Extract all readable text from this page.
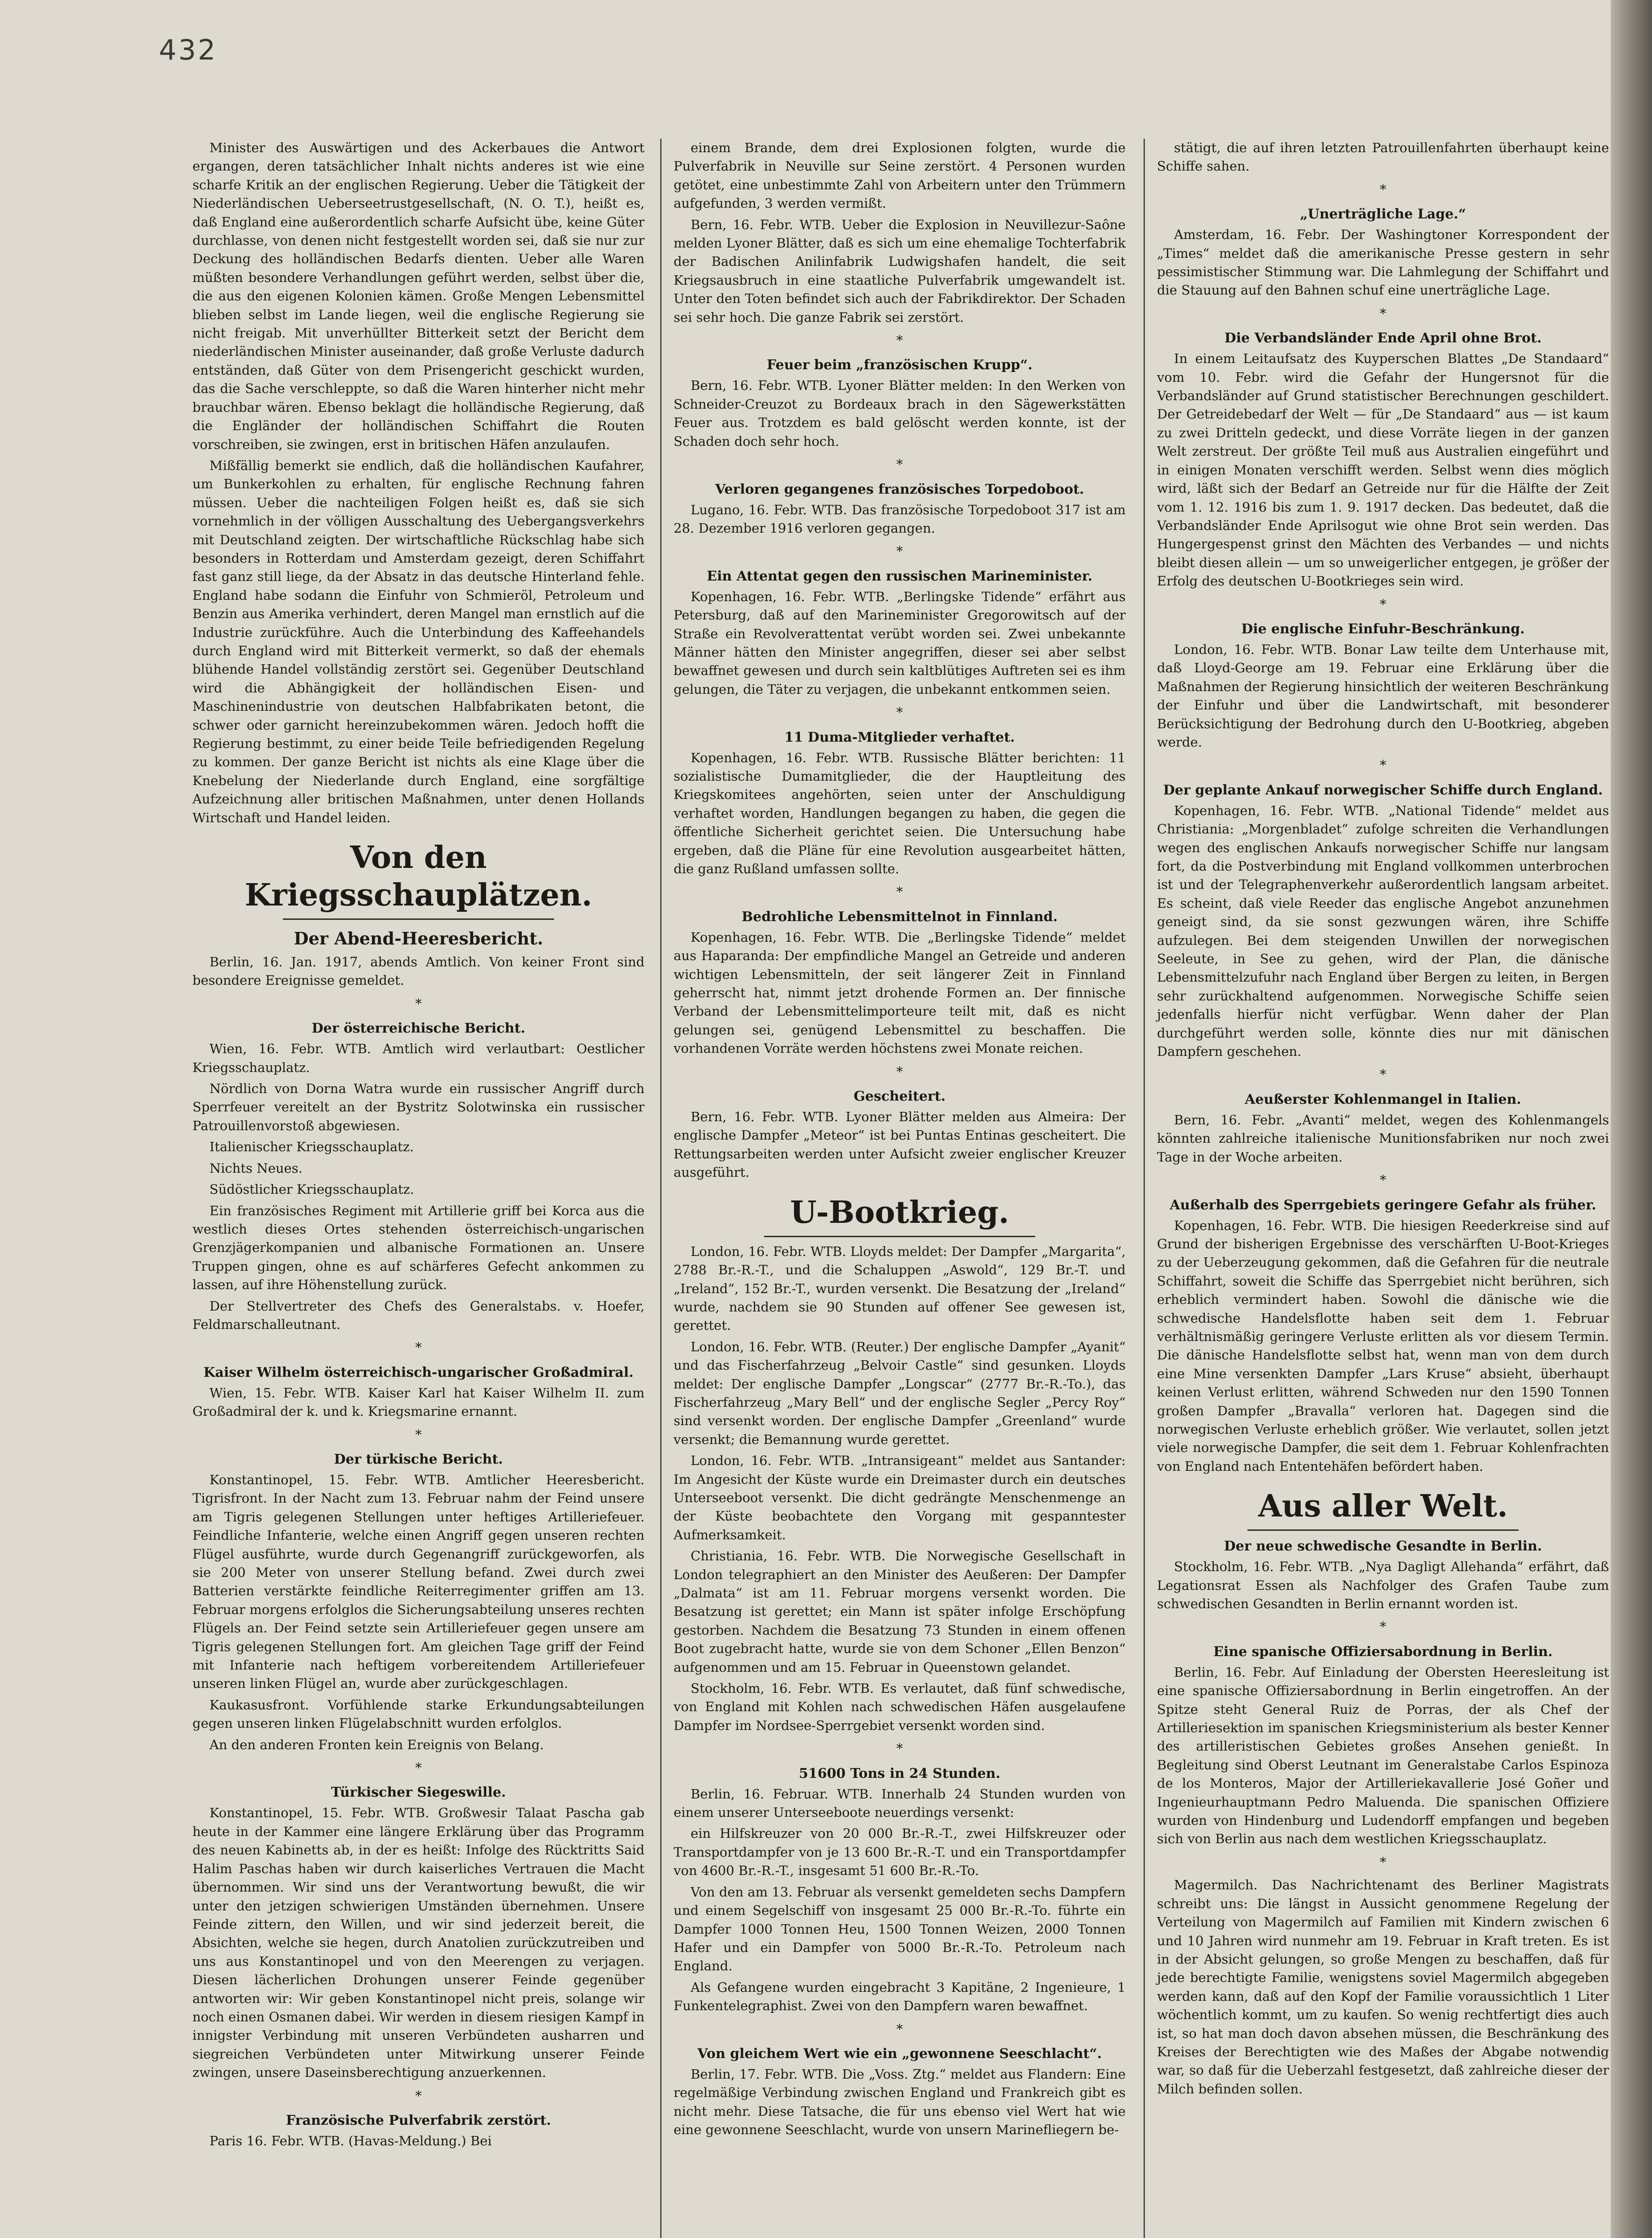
432

Minister des Auswärtigen und des Ackerbaues die Antwort ergangen, deren tatsächlicher Inhalt nichts anderes ist wie eine scharfe Kritik an der englischen Regierung. Ueber die Tätigkeit der Niederländischen Ueberseetrustgesellschaft, (N. O. T.), heißt es, daß England eine außerordentlich scharfe Aufsicht übe, keine Güter durchlasse, von denen nicht festgestellt worden sei, daß sie nur zur Deckung des holländischen Bedarfs dienten. Ueber alle Waren müßten besondere Verhandlungen geführt werden, selbst über die, die aus den eigenen Kolonien kämen. Große Mengen Lebensmittel blieben selbst im Lande liegen, weil die englische Regierung sie nicht freigab. Mit unverhüllter Bitterkeit setzt der Bericht dem niederländischen Minister auseinander, daß große Verluste dadurch entständen, daß Güter von dem Prisengericht geschickt wurden, das die Sache verschleppte, so daß die Waren hinterher nicht mehr brauchbar wären. Ebenso beklagt die holländische Regierung, daß die Engländer der holländischen Schiffahrt die Routen vorschreiben, sie zwingen, erst in britischen Häfen anzulaufen.

Mißfällig bemerkt sie endlich, daß die holländischen Kaufahrer, um Bunkerkohlen zu erhalten, für englische Rechnung fahren müssen. Ueber die nachteiligen Folgen heißt es, daß sie sich vornehmlich in der völligen Ausschaltung des Uebergangsverkehrs mit Deutschland zeigten. Der wirtschaftliche Rückschlag habe sich besonders in Rotterdam und Amsterdam gezeigt, deren Schiffahrt fast ganz still liege, da der Absatz in das deutsche Hinterland fehle. England habe sodann die Einfuhr von Schmieröl, Petroleum und Benzin aus Amerika verhindert, deren Mangel man ernstlich auf die Industrie zurückführe. Auch die Unterbindung des Kaffeehandels durch England wird mit Bitterkeit vermerkt, so daß der ehemals blühende Handel vollständig zerstört sei. Gegenüber Deutschland wird die Abhängigkeit der holländischen Eisen- und Maschinenindustrie von deutschen Halbfabrikaten betont, die schwer oder garnicht hereinzubekommen wären. Jedoch hofft die Regierung bestimmt, zu einer beide Teile befriedigenden Regelung zu kommen. Der ganze Bericht ist nichts als eine Klage über die Knebelung der Niederlande durch England, eine sorgfältige Aufzeichnung aller britischen Maßnahmen, unter denen Hollands Wirtschaft und Handel leiden.

Von den Kriegsschauplätzen.
Der Abend-Heeresbericht.

Berlin, 16. Jan. 1917, abends Amtlich. Von keiner Front sind besondere Ereignisse gemeldet.

*
Der österreichische Bericht.

Wien, 16. Febr. WTB. Amtlich wird verlautbart: Oestlicher Kriegsschauplatz.

Nördlich von Dorna Watra wurde ein russischer Angriff durch Sperrfeuer vereitelt an der Bystritz Solotwinska ein russischer Patrouillenvorstoß abgewiesen.

Italienischer Kriegsschauplatz.

Nichts Neues.

Südöstlicher Kriegsschauplatz.

Ein französisches Regiment mit Artillerie griff bei Korca aus die westlich dieses Ortes stehenden österreichisch-ungarischen Grenzjägerkompanien und albanische Formationen an. Unsere Truppen gingen, ohne es auf schärferes Gefecht ankommen zu lassen, auf ihre Höhenstellung zurück.

Der Stellvertreter des Chefs des Generalstabs. v. Hoefer, Feldmarschalleutnant.

*
Kaiser Wilhelm österreichisch-ungarischer Großadmiral.

Wien, 15. Febr. WTB. Kaiser Karl hat Kaiser Wilhelm II. zum Großadmiral der k. und k. Kriegsmarine ernannt.

*
Der türkische Bericht.

Konstantinopel, 15. Febr. WTB. Amtlicher Heeresbericht. Tigrisfront. In der Nacht zum 13. Februar nahm der Feind unsere am Tigris gelegenen Stellungen unter heftiges Artilleriefeuer. Feindliche Infanterie, welche einen Angriff gegen unseren rechten Flügel ausführte, wurde durch Gegenangriff zurückgeworfen, als sie 200 Meter von unserer Stellung befand. Zwei durch zwei Batterien verstärkte feindliche Reiterregimenter griffen am 13. Februar morgens erfolglos die Sicherungsabteilung unseres rechten Flügels an. Der Feind setzte sein Artilleriefeuer gegen unsere am Tigris gelegenen Stellungen fort. Am gleichen Tage griff der Feind mit Infanterie nach heftigem vorbereitendem Artilleriefeuer unseren linken Flügel an, wurde aber zurückgeschlagen.

Kaukasusfront. Vorfühlende starke Erkundungsabteilungen gegen unseren linken Flügelabschnitt wurden erfolglos.

An den anderen Fronten kein Ereignis von Belang.

*
Türkischer Siegeswille.

Konstantinopel, 15. Febr. WTB. Großwesir Talaat Pascha gab heute in der Kammer eine längere Erklärung über das Programm des neuen Kabinetts ab, in der es heißt: Infolge des Rücktritts Said Halim Paschas haben wir durch kaiserliches Vertrauen die Macht übernommen. Wir sind uns der Verantwortung bewußt, die wir unter den jetzigen schwierigen Umständen übernehmen. Unsere Feinde zittern, den Willen, und wir sind jederzeit bereit, die Absichten, welche sie hegen, durch Anatolien zurückzutreiben und uns aus Konstantinopel und von den Meerengen zu verjagen. Diesen lächerlichen Drohungen unserer Feinde gegenüber antworten wir: Wir geben Konstantinopel nicht preis, solange wir noch einen Osmanen dabei. Wir werden in diesem riesigen Kampf in innigster Verbindung mit unseren Verbündeten ausharren und siegreichen Verbündeten unter Mitwirkung unserer Feinde zwingen, unsere Daseinsberechtigung anzuerkennen.

*
Französische Pulverfabrik zerstört.

Paris 16. Febr. WTB. (Havas-Meldung.) Bei

einem Brande, dem drei Explosionen folgten, wurde die Pulverfabrik in Neuville sur Seine zerstört. 4 Personen wurden getötet, eine unbestimmte Zahl von Arbeitern unter den Trümmern aufgefunden, 3 werden vermißt.

Bern, 16. Febr. WTB. Ueber die Explosion in Neuvillezur-Saône melden Lyoner Blätter, daß es sich um eine ehemalige Tochterfabrik der Badischen Anilinfabrik Ludwigshafen handelt, die seit Kriegsausbruch in eine staatliche Pulverfabrik umgewandelt ist. Unter den Toten befindet sich auch der Fabrikdirektor. Der Schaden sei sehr hoch. Die ganze Fabrik sei zerstört.

*
Feuer beim „französischen Krupp“.

Bern, 16. Febr. WTB. Lyoner Blätter melden: In den Werken von Schneider-Creuzot zu Bordeaux brach in den Sägewerkstätten Feuer aus. Trotzdem es bald gelöscht werden konnte, ist der Schaden doch sehr hoch.

*
Verloren gegangenes französisches Torpedoboot.

Lugano, 16. Febr. WTB. Das französische Torpedoboot 317 ist am 28. Dezember 1916 verloren gegangen.

*
Ein Attentat gegen den russischen Marineminister.

Kopenhagen, 16. Febr. WTB. „Berlingske Tidende“ erfährt aus Petersburg, daß auf den Marineminister Gregorowitsch auf der Straße ein Revolverattentat verübt worden sei. Zwei unbekannte Männer hätten den Minister angegriffen, dieser sei aber selbst bewaffnet gewesen und durch sein kaltblütiges Auftreten sei es ihm gelungen, die Täter zu verjagen, die unbekannt entkommen seien.

*
11 Duma-Mitglieder verhaftet.

Kopenhagen, 16. Febr. WTB. Russische Blätter berichten: 11 sozialistische Dumamitglieder, die der Hauptleitung des Kriegskomitees angehörten, seien unter der Anschuldigung verhaftet worden, Handlungen begangen zu haben, die gegen die öffentliche Sicherheit gerichtet seien. Die Untersuchung habe ergeben, daß die Pläne für eine Revolution ausgearbeitet hätten, die ganz Rußland umfassen sollte.

*
Bedrohliche Lebensmittelnot in Finnland.

Kopenhagen, 16. Febr. WTB. Die „Berlingske Tidende“ meldet aus Haparanda: Der empfindliche Mangel an Getreide und anderen wichtigen Lebensmitteln, der seit längerer Zeit in Finnland geherrscht hat, nimmt jetzt drohende Formen an. Der finnische Verband der Lebensmittelimporteure teilt mit, daß es nicht gelungen sei, genügend Lebensmittel zu beschaffen. Die vorhandenen Vorräte werden höchstens zwei Monate reichen.

*
Gescheitert.

Bern, 16. Febr. WTB. Lyoner Blätter melden aus Almeira: Der englische Dampfer „Meteor“ ist bei Puntas Entinas gescheitert. Die Rettungsarbeiten werden unter Aufsicht zweier englischer Kreuzer ausgeführt.

U-Bootkrieg.

London, 16. Febr. WTB. Lloyds meldet: Der Dampfer „Margarita“, 2788 Br.-R.-T., und die Schaluppen „Aswold“, 129 Br.-T. und „Ireland“, 152 Br.-T., wurden versenkt. Die Besatzung der „Ireland“ wurde, nachdem sie 90 Stunden auf offener See gewesen ist, gerettet.

London, 16. Febr. WTB. (Reuter.) Der englische Dampfer „Ayanit“ und das Fischerfahrzeug „Belvoir Castle“ sind gesunken. Lloyds meldet: Der englische Dampfer „Longscar“ (2777 Br.-R.-To.), das Fischerfahrzeug „Mary Bell“ und der englische Segler „Percy Roy“ sind versenkt worden. Der englische Dampfer „Greenland“ wurde versenkt; die Bemannung wurde gerettet.

London, 16. Febr. WTB. „Intransigeant“ meldet aus Santander: Im Angesicht der Küste wurde ein Dreimaster durch ein deutsches Unterseeboot versenkt. Die dicht gedrängte Menschenmenge an der Küste beobachtete den Vorgang mit gespanntester Aufmerksamkeit.

Christiania, 16. Febr. WTB. Die Norwegische Gesellschaft in London telegraphiert an den Minister des Aeußeren: Der Dampfer „Dalmata“ ist am 11. Februar morgens versenkt worden. Die Besatzung ist gerettet; ein Mann ist später infolge Erschöpfung gestorben. Nachdem die Besatzung 73 Stunden in einem offenen Boot zugebracht hatte, wurde sie von dem Schoner „Ellen Benzon“ aufgenommen und am 15. Februar in Queenstown gelandet.

Stockholm, 16. Febr. WTB. Es verlautet, daß fünf schwedische, von England mit Kohlen nach schwedischen Häfen ausgelaufene Dampfer im Nordsee-Sperrgebiet versenkt worden sind.

*
51600 Tons in 24 Stunden.

Berlin, 16. Februar. WTB. Innerhalb 24 Stunden wurden von einem unserer Unterseeboote neuerdings versenkt:

ein Hilfskreuzer von 20 000 Br.-R.-T., zwei Hilfskreuzer oder Transportdampfer von je 13 600 Br.-R.-T. und ein Transportdampfer von 4600 Br.-R.-T., insgesamt 51 600 Br.-R.-To.

Von den am 13. Februar als versenkt gemeldeten sechs Dampfern und einem Segelschiff von insgesamt 25 000 Br.-R.-To. führte ein Dampfer 1000 Tonnen Heu, 1500 Tonnen Weizen, 2000 Tonnen Hafer und ein Dampfer von 5000 Br.-R.-To. Petroleum nach England.

Als Gefangene wurden eingebracht 3 Kapitäne, 2 Ingenieure, 1 Funkentelegraphist. Zwei von den Dampfern waren bewaffnet.

*
Von gleichem Wert wie ein „gewonnene Seeschlacht“.

Berlin, 17. Febr. WTB. Die „Voss. Ztg.“ meldet aus Flandern: Eine regelmäßige Verbindung zwischen England und Frankreich gibt es nicht mehr. Diese Tatsache, die für uns ebenso viel Wert hat wie eine gewonnene Seeschlacht, wurde von unsern Marinefliegern be-

stätigt, die auf ihren letzten Patrouillenfahrten überhaupt keine Schiffe sahen.

*
„Unerträgliche Lage.“

Amsterdam, 16. Febr. Der Washingtoner Korrespondent der „Times“ meldet daß die amerikanische Presse gestern in sehr pessimistischer Stimmung war. Die Lahmlegung der Schiffahrt und die Stauung auf den Bahnen schuf eine unerträgliche Lage.

*
Die Verbandsländer Ende April ohne Brot.

In einem Leitaufsatz des Kuyperschen Blattes „De Standaard“ vom 10. Febr. wird die Gefahr der Hungersnot für die Verbandsländer auf Grund statistischer Berechnungen geschildert. Der Getreidebedarf der Welt — für „De Standaard“ aus — ist kaum zu zwei Dritteln gedeckt, und diese Vorräte liegen in der ganzen Welt zerstreut. Der größte Teil muß aus Australien eingeführt und in einigen Monaten verschifft werden. Selbst wenn dies möglich wird, läßt sich der Bedarf an Getreide nur für die Hälfte der Zeit vom 1. 12. 1916 bis zum 1. 9. 1917 decken. Das bedeutet, daß die Verbandsländer Ende Aprilsogut wie ohne Brot sein werden. Das Hungergespenst grinst den Mächten des Verbandes — und nichts bleibt diesen allein — um so unweigerlicher entgegen, je größer der Erfolg des deutschen U-Bootkrieges sein wird.

*
Die englische Einfuhr-Beschränkung.

London, 16. Febr. WTB. Bonar Law teilte dem Unterhause mit, daß Lloyd-George am 19. Februar eine Erklärung über die Maßnahmen der Regierung hinsichtlich der weiteren Beschränkung der Einfuhr und über die Landwirtschaft, mit besonderer Berücksichtigung der Bedrohung durch den U-Bootkrieg, abgeben werde.

*
Der geplante Ankauf norwegischer Schiffe durch England.

Kopenhagen, 16. Febr. WTB. „National Tidende“ meldet aus Christiania: „Morgenbladet“ zufolge schreiten die Verhandlungen wegen des englischen Ankaufs norwegischer Schiffe nur langsam fort, da die Postverbindung mit England vollkommen unterbrochen ist und der Telegraphenverkehr außerordentlich langsam arbeitet. Es scheint, daß viele Reeder das englische Angebot anzunehmen geneigt sind, da sie sonst gezwungen wären, ihre Schiffe aufzulegen. Bei dem steigenden Unwillen der norwegischen Seeleute, in See zu gehen, wird der Plan, die dänische Lebensmittelzufuhr nach England über Bergen zu leiten, in Bergen sehr zurückhaltend aufgenommen. Norwegische Schiffe seien jedenfalls hierfür nicht verfügbar. Wenn daher der Plan durchgeführt werden solle, könnte dies nur mit dänischen Dampfern geschehen.

*
Aeußerster Kohlenmangel in Italien.

Bern, 16. Febr. „Avanti“ meldet, wegen des Kohlenmangels könnten zahlreiche italienische Munitionsfabriken nur noch zwei Tage in der Woche arbeiten.

*
Außerhalb des Sperrgebiets geringere Gefahr als früher.

Kopenhagen, 16. Febr. WTB. Die hiesigen Reederkreise sind auf Grund der bisherigen Ergebnisse des verschärften U-Boot-Krieges zu der Ueberzeugung gekommen, daß die Gefahren für die neutrale Schiffahrt, soweit die Schiffe das Sperrgebiet nicht berühren, sich erheblich vermindert haben. Sowohl die dänische wie die schwedische Handelsflotte haben seit dem 1. Februar verhältnismäßig geringere Verluste erlitten als vor diesem Termin. Die dänische Handelsflotte selbst hat, wenn man von dem durch eine Mine versenkten Dampfer „Lars Kruse“ absieht, überhaupt keinen Verlust erlitten, während Schweden nur den 1590 Tonnen großen Dampfer „Bravalla“ verloren hat. Dagegen sind die norwegischen Verluste erheblich größer. Wie verlautet, sollen jetzt viele norwegische Dampfer, die seit dem 1. Februar Kohlenfrachten von England nach Ententehäfen befördert haben.

Aus aller Welt.
Der neue schwedische Gesandte in Berlin.

Stockholm, 16. Febr. WTB. „Nya Dagligt Allehanda“ erfährt, daß Legationsrat Essen als Nachfolger des Grafen Taube zum schwedischen Gesandten in Berlin ernannt worden ist.

*
Eine spanische Offiziersabordnung in Berlin.

Berlin, 16. Febr. Auf Einladung der Obersten Heeresleitung ist eine spanische Offiziersabordnung in Berlin eingetroffen. An der Spitze steht General Ruiz de Porras, der als Chef der Artilleriesektion im spanischen Kriegsministerium als bester Kenner des artilleristischen Gebietes großes Ansehen genießt. In Begleitung sind Oberst Leutnant im Generalstabe Carlos Espinoza de los Monteros, Major der Artilleriekavallerie José Goñer und Ingenieurhauptmann Pedro Maluenda. Die spanischen Offiziere wurden von Hindenburg und Ludendorff empfangen und begeben sich von Berlin aus nach dem westlichen Kriegsschauplatz.

*

Magermilch. Das Nachrichtenamt des Berliner Magistrats schreibt uns: Die längst in Aussicht genommene Regelung der Verteilung von Magermilch auf Familien mit Kindern zwischen 6 und 10 Jahren wird nunmehr am 19. Februar in Kraft treten. Es ist in der Absicht gelungen, so große Mengen zu beschaffen, daß für jede berechtigte Familie, wenigstens soviel Magermilch abgegeben werden kann, daß auf den Kopf der Familie voraussichtlich 1 Liter wöchentlich kommt, um zu kaufen. So wenig rechtfertigt dies auch ist, so hat man doch davon absehen müssen, die Beschränkung des Kreises der Berechtigten wie des Maßes der Abgabe notwendig war, so daß für die Ueberzahl festgesetzt, daß zahlreiche dieser der Milch befinden sollen.
